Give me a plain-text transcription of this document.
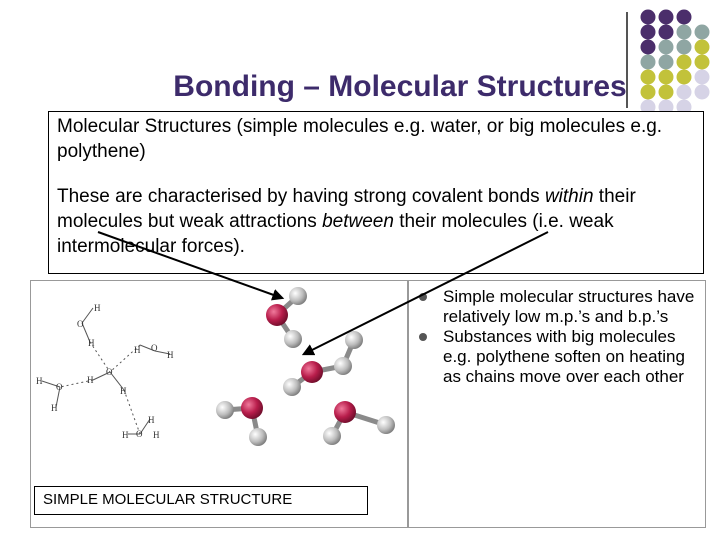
Bonding – Molecular Structures

Molecular Structures (simple molecules e.g. water, or big molecules e.g. polythene)

These are characterised by having strong covalent bonds within their molecules but weak attractions between their molecules (i.e. weak intermolecular forces).

Simple molecular structures have relatively low m.p.’s and b.p.’s
Substances with big molecules e.g. polythene soften on heating as chains move over each other
H
O
H
H O
H
O
H
H
H
O
H
H O
H
H
SIMPLE MOLECULAR STRUCTURE
